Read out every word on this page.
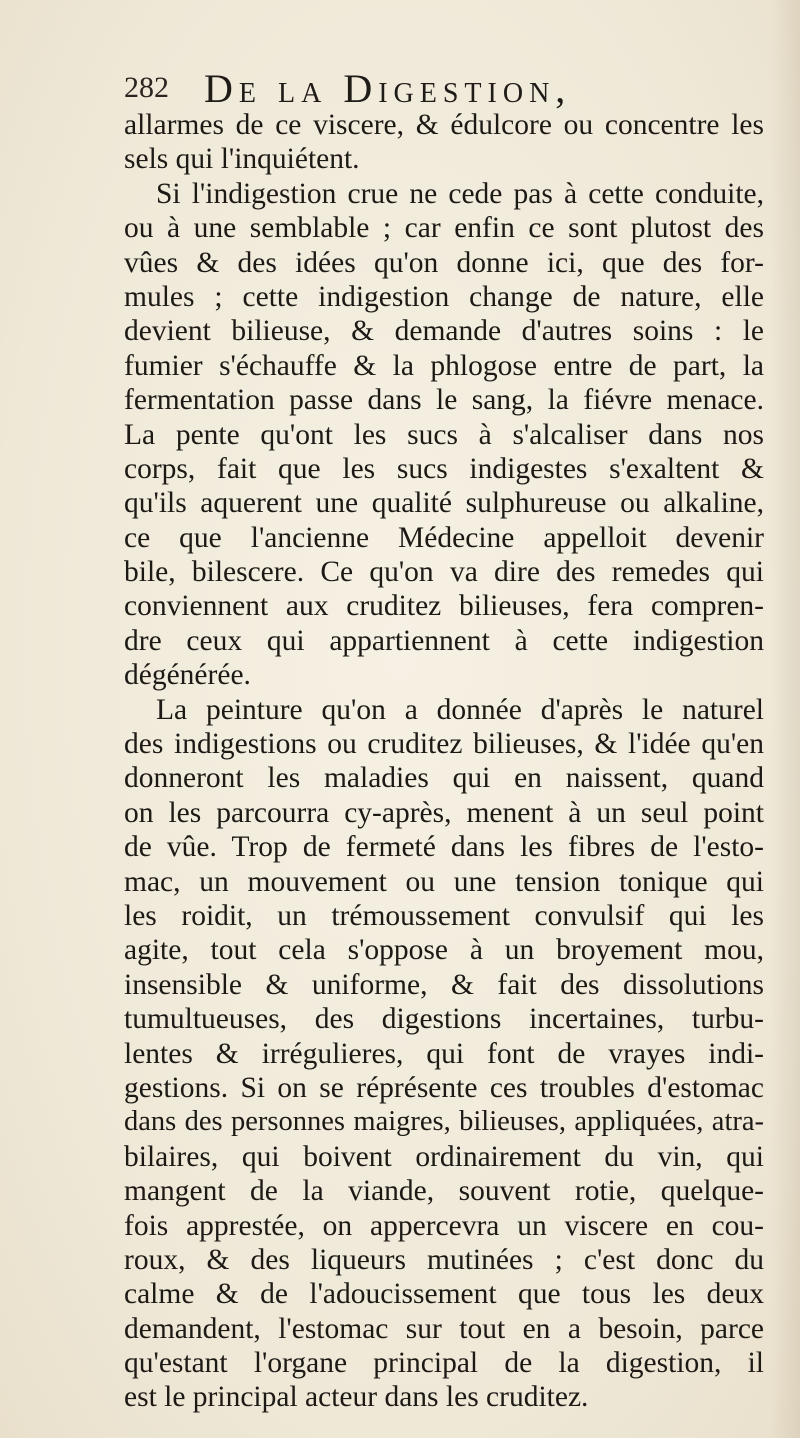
282 De la Digestion,
allarmes de ce viscere, & édulcore ou concentre les
sels qui l'inquiétent.
Si l'indigestion crue ne cede pas à cette conduite,
ou à une semblable ; car enfin ce sont plutost des
vûes & des idées qu'on donne ici, que des for-
mules ; cette indigestion change de nature, elle
devient bilieuse, & demande d'autres soins : le
fumier s'échauffe & la phlogose entre de part, la
fermentation passe dans le sang, la fiévre menace.
La pente qu'ont les sucs à s'alcaliser dans nos
corps, fait que les sucs indigestes s'exaltent &
qu'ils aquerent une qualité sulphureuse ou alkaline,
ce que l'ancienne Médecine appelloit devenir
bile, bilescere. Ce qu'on va dire des remedes qui
conviennent aux cruditez bilieuses, fera compren-
dre ceux qui appartiennent à cette indigestion
dégénérée.
La peinture qu'on a donnée d'après le naturel
des indigestions ou cruditez bilieuses, & l'idée qu'en
donneront les maladies qui en naissent, quand
on les parcourra cy-après, menent à un seul point
de vûe. Trop de fermeté dans les fibres de l'esto-
mac, un mouvement ou une tension tonique qui
les roidit, un trémoussement convulsif qui les
agite, tout cela s'oppose à un broyement mou,
insensible & uniforme, & fait des dissolutions
tumultueuses, des digestions incertaines, turbu-
lentes & irrégulieres, qui font de vrayes indi-
gestions. Si on se réprésente ces troubles d'estomac
dans des personnes maigres, bilieuses, appliquées, atra-
bilaires, qui boivent ordinairement du vin, qui
mangent de la viande, souvent rotie, quelque-
fois apprestée, on appercevra un viscere en cou-
roux, & des liqueurs mutinées ; c'est donc du
calme & de l'adoucissement que tous les deux
demandent, l'estomac sur tout en a besoin, parce
qu'estant l'organe principal de la digestion, il
est le principal acteur dans les cruditez.
